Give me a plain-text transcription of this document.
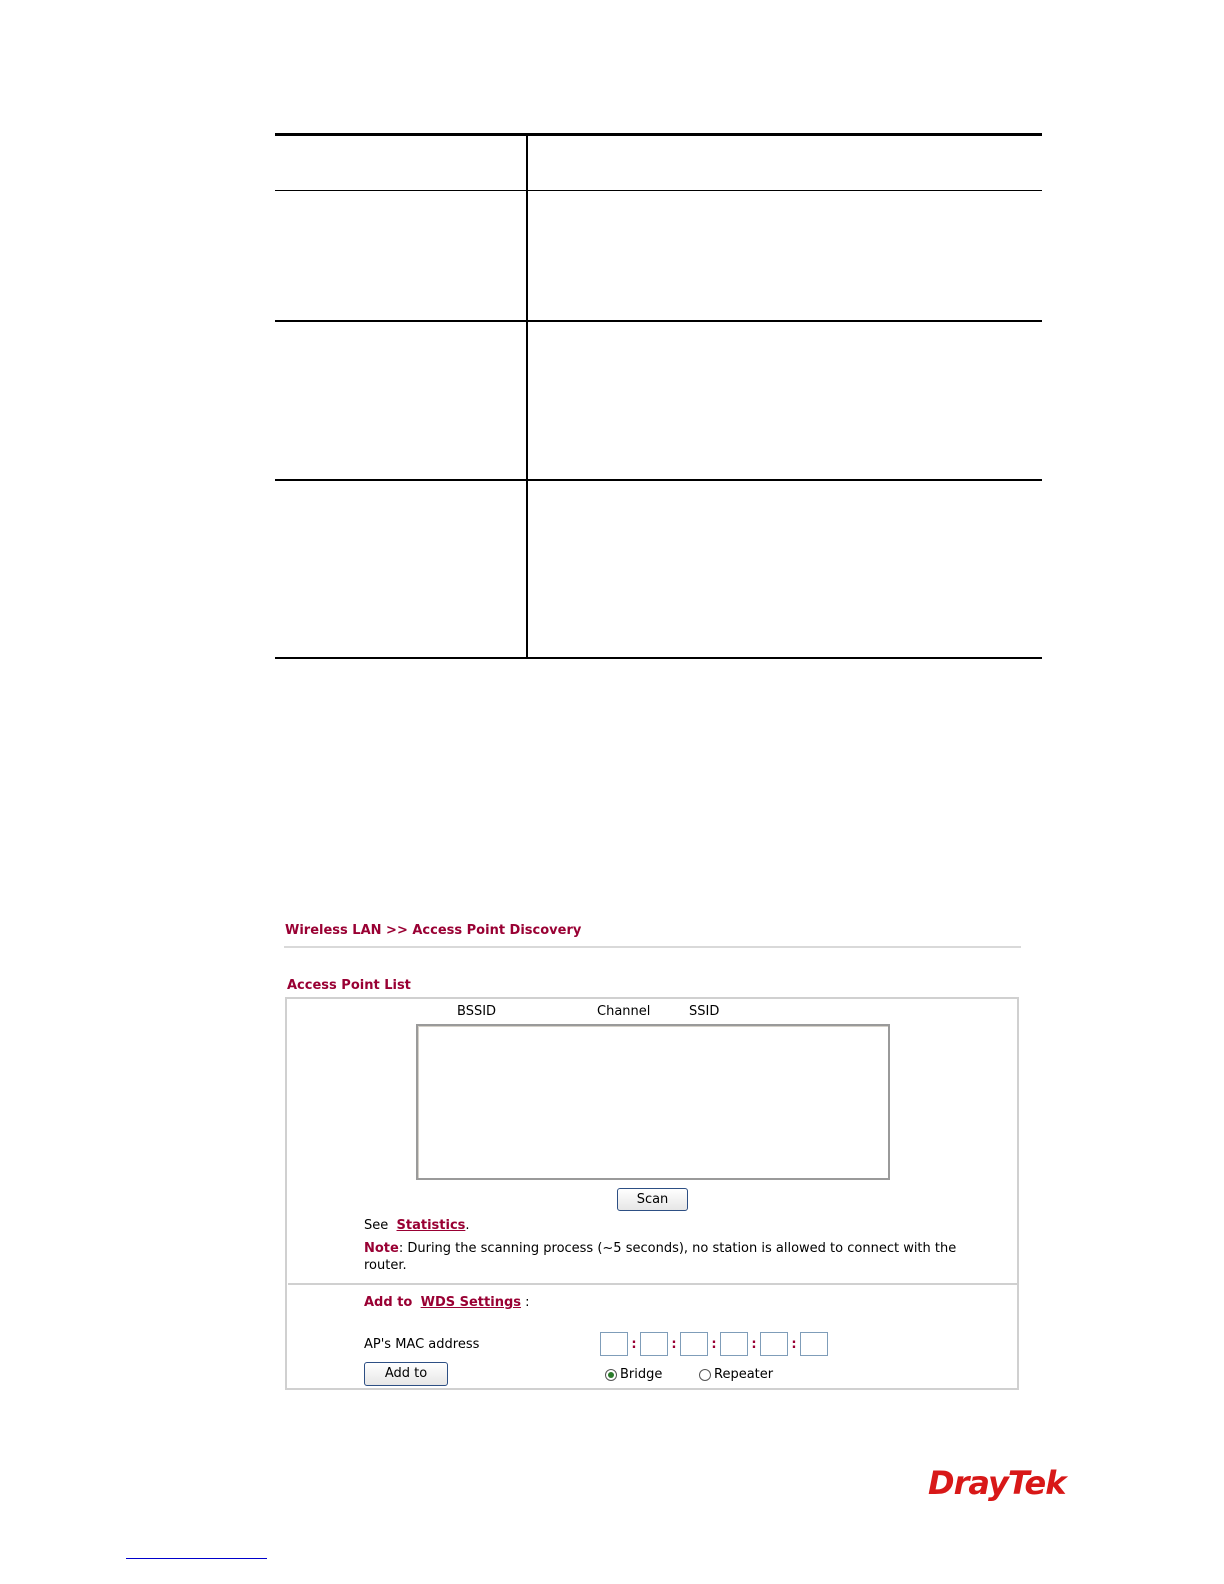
Wireless LAN >> Access Point Discovery
Access Point List
BSSID	Channel	SSID
Scan
See Statistics.
Note: During the scanning process (~5 seconds), no station is allowed to connect with the router.
Add to WDS Settings :
AP's MAC address	:	:	:	:	:
Add to	Bridge	Repeater
DrayTek
